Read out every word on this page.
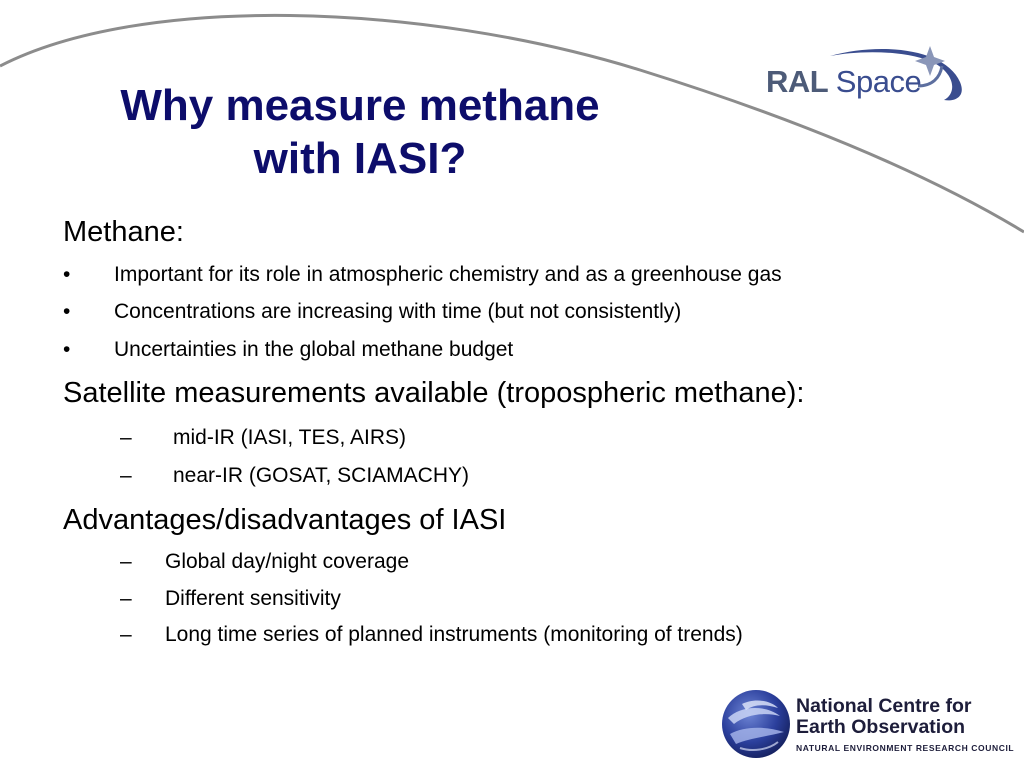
Why measure methane
with IASI?
RAL Space

Methane:

• Important for its role in atmospheric chemistry and as a greenhouse gas
• Concentrations are increasing with time (but not consistently)
• Uncertainties in the global methane budget

Satellite measurements available (tropospheric methane):

– mid-IR (IASI, TES, AIRS)
– near-IR (GOSAT, SCIAMACHY)

Advantages/disadvantages of IASI

– Global day/night coverage
– Different sensitivity
– Long time series of planned instruments (monitoring of trends)
National Centre for
Earth Observation
NATURAL ENVIRONMENT RESEARCH COUNCIL
